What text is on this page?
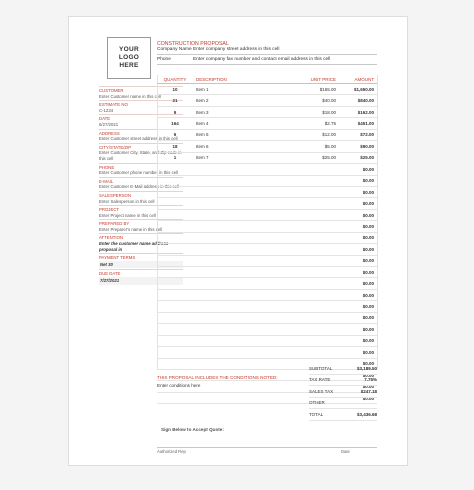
YOUR LOGO
HERE
CONSTRUCTION PROPOSAL
Company Name Enter company street address in this cell
Phone	Enter company fax number and contact email address in this cell
CUSTOMER
Enter Customer name in this cell
ESTIMATE NO
C-1234
DATE
6/27/2021
ADDRESS
Enter Customer street address in this cell
CITY/STATE/ZIP
Enter Customer City, State, and Zip code in this cell
PHONE
Enter Customer phone number in this cell
E-MAIL
Enter Customer E-Mail address in this cell
SALESPERSON
Enter Salesperson in this cell
PROJECT
Enter Project name in this cell
PREPARED BY
Enter Preparer's name in this cell
ATTENTION
Enter the customer name address proposal in
PAYMENT TERMS
Net 30
DUE DATE
7/27/2021
QUANTITY	DESCRIPTION	UNIT PRICE	AMOUNT
10	Item 1	$165.00	$1,650.00
21	Item 2	$40.00	$840.00
9	Item 3	$18.00	$162.00
164	Item 4	$2.75	$451.00
6	Item 5	$12.00	$72.00
18	Item 6	$5.00	$90.00
1	Item 7	$25.00	$25.00
			$0.00
			$0.00
			$0.00
			$0.00
			$0.00
			$0.00
			$0.00
			$0.00
			$0.00
			$0.00
			$0.00
			$0.00
			$0.00
			$0.00
			$0.00
			$0.00
			$0.00
			$0.00
			$0.00
			$0.00
			$0.00
SUBTOTAL	$3,189.50
TAX RATE	7.75%
SALES TAX	$247.18
OTHER
TOTAL	$3,436.68
THIS PROPOSAL INCLUDES THE CONDITIONS NOTED:
Enter conditions here
Sign Below to Accept Quote:
Authorized Rep	Date
